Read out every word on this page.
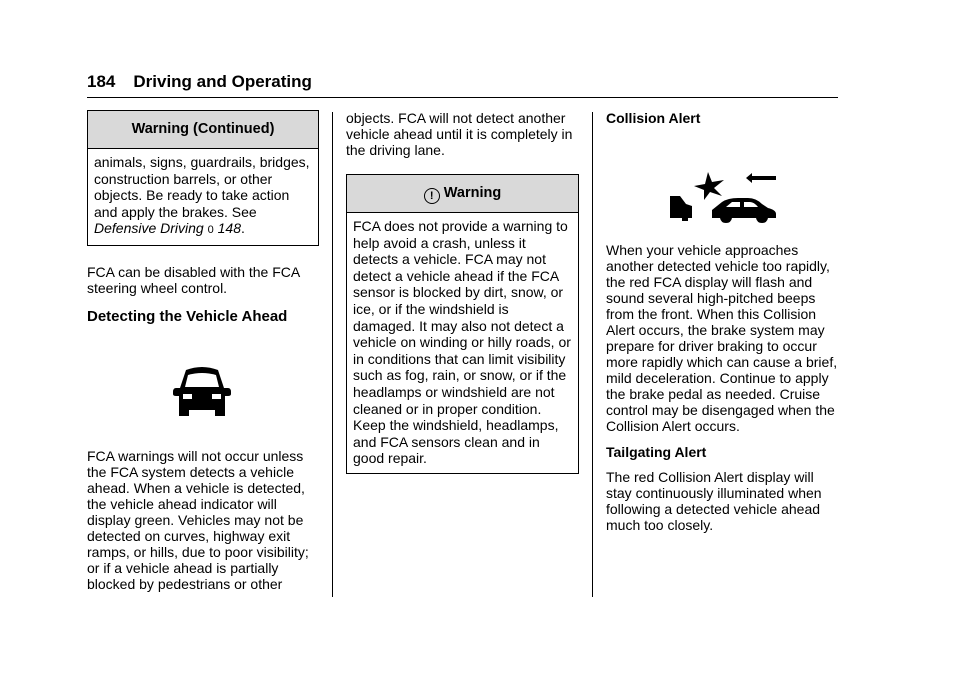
184 Driving and Operating
Warning (Continued)
animals, signs, guardrails, bridges, construction barrels, or other objects. Be ready to take action and apply the brakes. See Defensive Driving 0 148.

FCA can be disabled with the FCA steering wheel control.

Detecting the Vehicle Ahead

FCA warnings will not occur unless the FCA system detects a vehicle ahead. When a vehicle is detected, the vehicle ahead indicator will display green. Vehicles may not be detected on curves, highway exit ramps, or hills, due to poor visibility; or if a vehicle ahead is partially blocked by pedestrians or other

objects. FCA will not detect another vehicle ahead until it is completely in the driving lane.

! Warning
FCA does not provide a warning to help avoid a crash, unless it detects a vehicle. FCA may not detect a vehicle ahead if the FCA sensor is blocked by dirt, snow, or ice, or if the windshield is damaged. It may also not detect a vehicle on winding or hilly roads, or in conditions that can limit visibility such as fog, rain, or snow, or if the headlamps or windshield are not cleaned or in proper condition. Keep the windshield, headlamps, and FCA sensors clean and in good repair.

Collision Alert

When your vehicle approaches another detected vehicle too rapidly, the red FCA display will flash and sound several high-pitched beeps from the front. When this Collision Alert occurs, the brake system may prepare for driver braking to occur more rapidly which can cause a brief, mild deceleration. Continue to apply the brake pedal as needed. Cruise control may be disengaged when the Collision Alert occurs.

Tailgating Alert

The red Collision Alert display will stay continuously illuminated when following a detected vehicle ahead much too closely.
